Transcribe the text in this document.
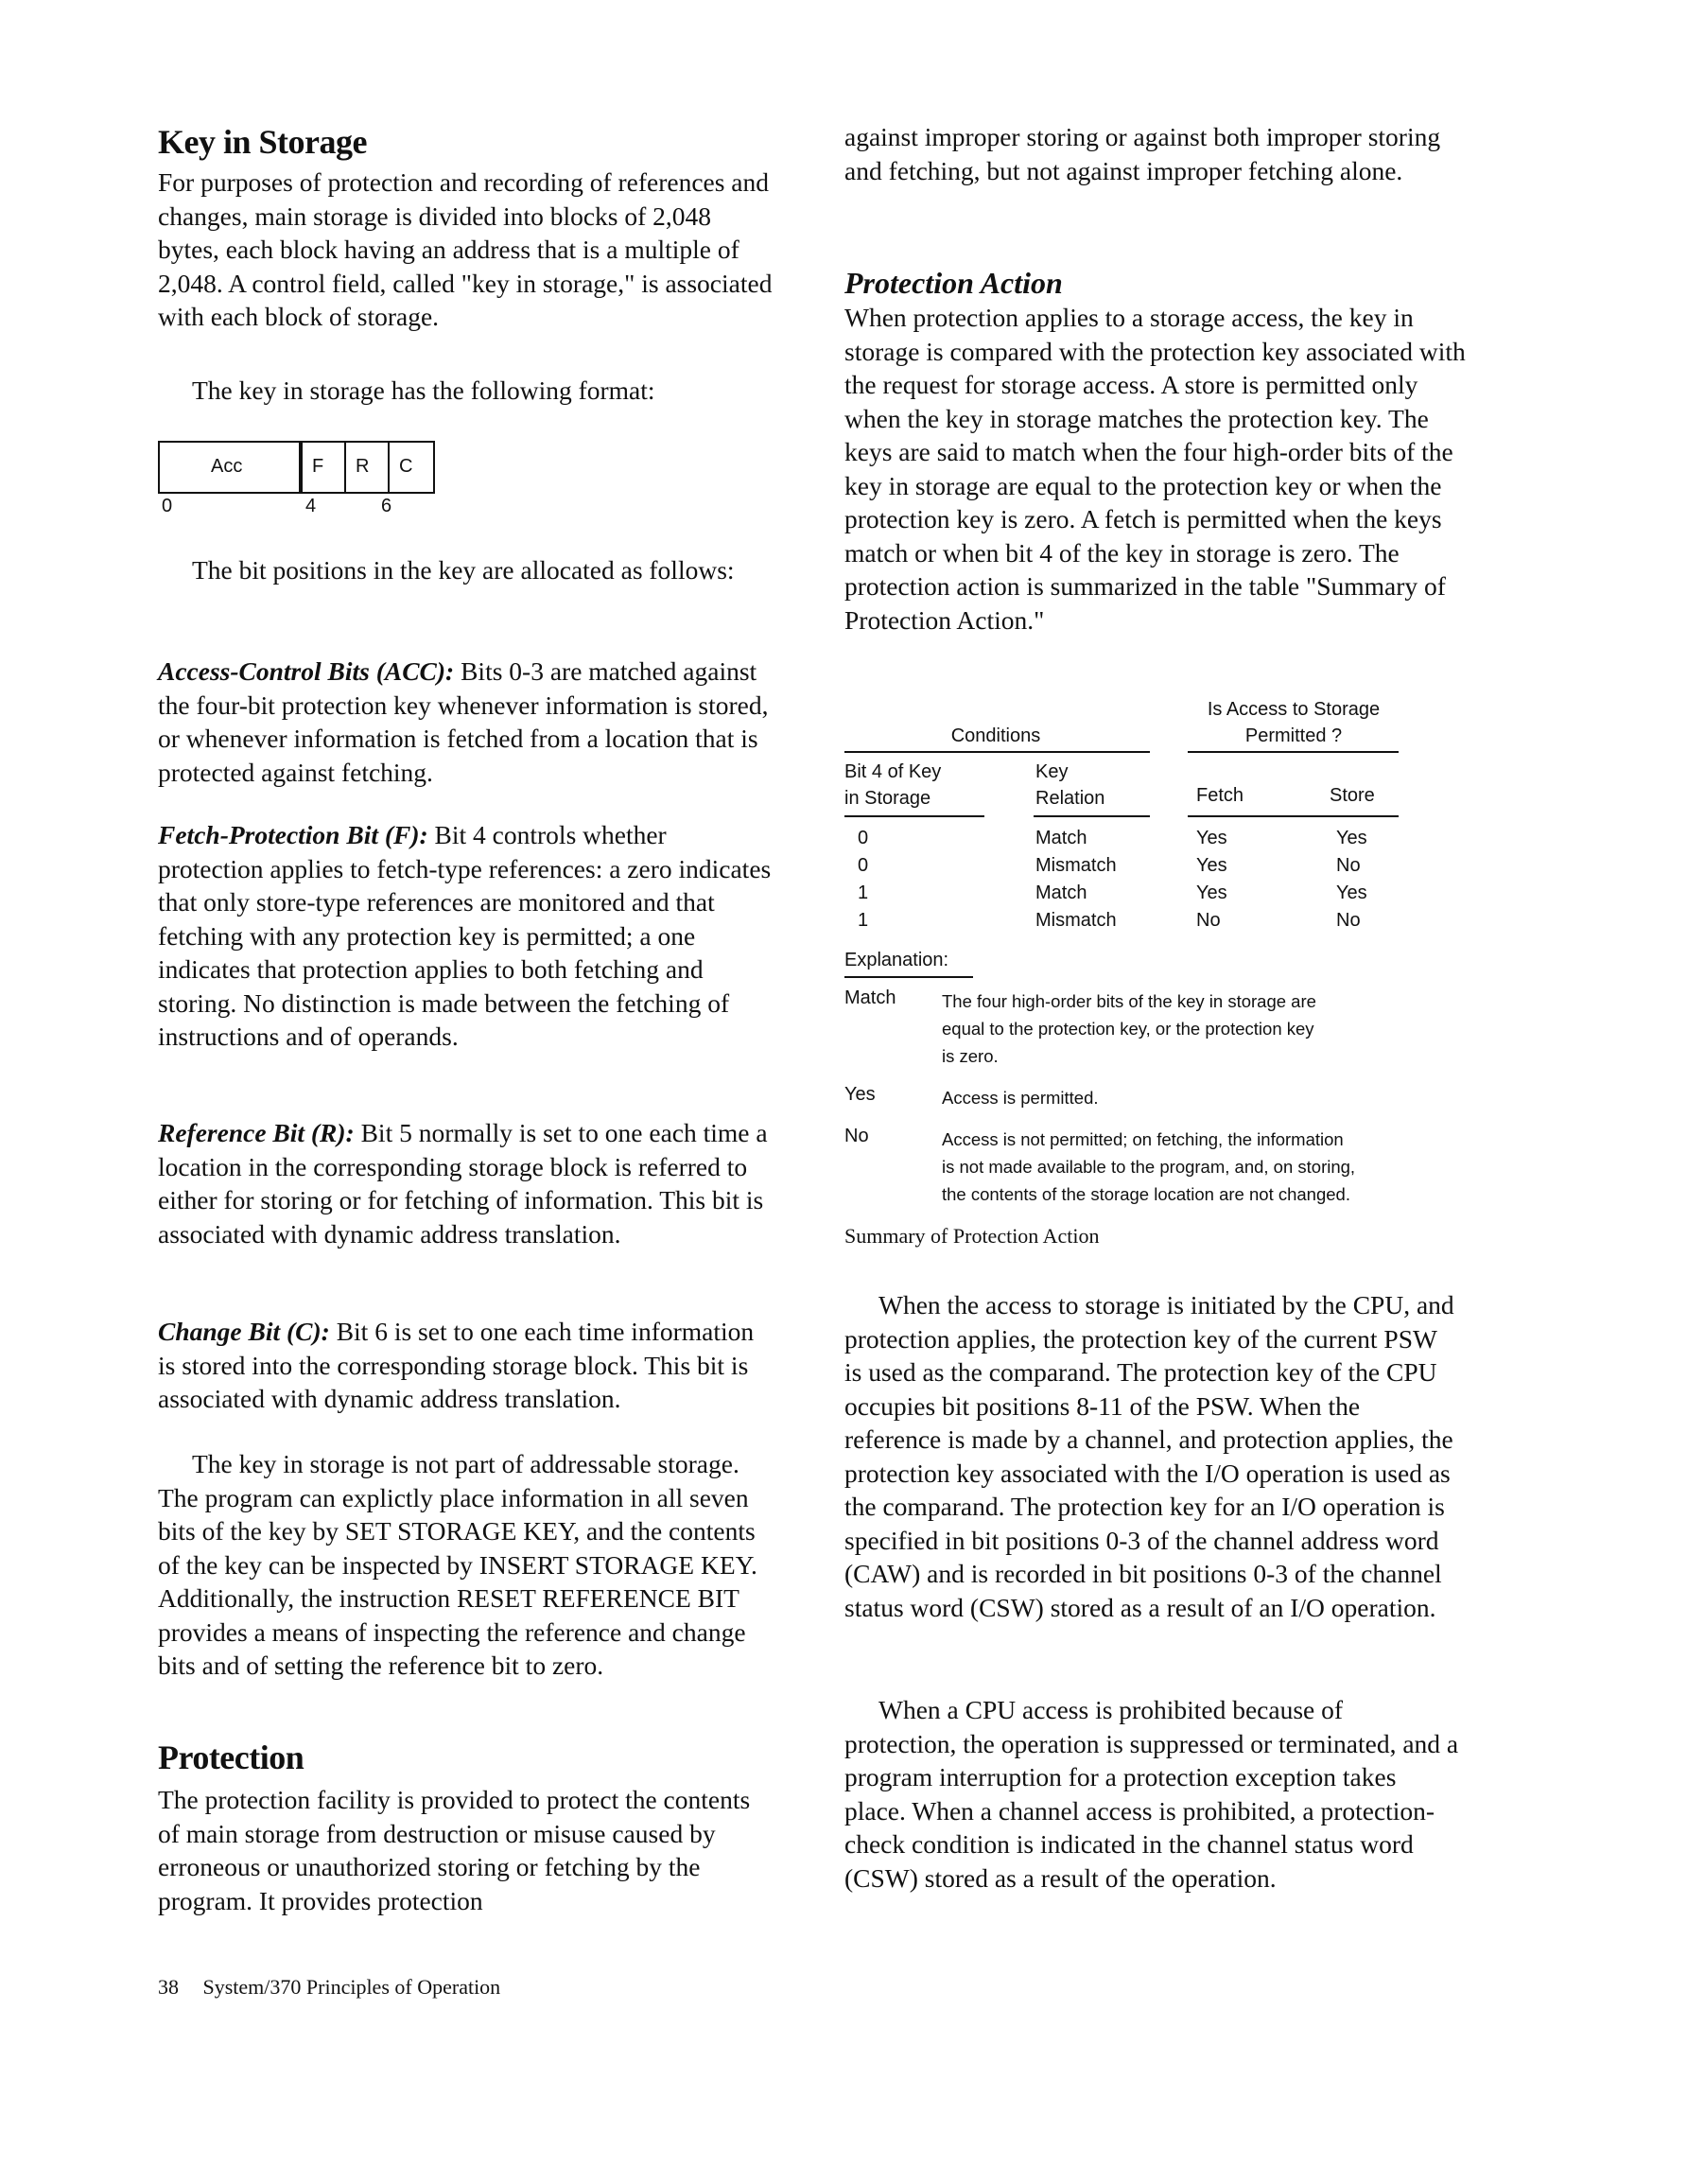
Key in Storage

For purposes of protection and recording of references and changes, main storage is divided into blocks of 2,048 bytes, each block having an address that is a multiple of 2,048. A control field, called "key in storage," is associated with each block of storage.

The key in storage has the following format:

Acc	F R C
0	4	6

The bit positions in the key are allocated as follows:

Access-Control Bits (ACC): Bits 0-3 are matched against the four-bit protection key whenever information is stored, or whenever information is fetched from a location that is protected against fetching.

Fetch-Protection Bit (F): Bit 4 controls whether protection applies to fetch-type references: a zero indicates that only store-type references are monitored and that fetching with any protection key is permitted; a one indicates that protection applies to both fetching and storing. No distinction is made between the fetching of instructions and of operands.

Reference Bit (R): Bit 5 normally is set to one each time a location in the corresponding storage block is referred to either for storing or for fetching of information. This bit is associated with dynamic address translation.

Change Bit (C): Bit 6 is set to one each time information is stored into the corresponding storage block. This bit is associated with dynamic address translation.

The key in storage is not part of addressable storage. The program can explictly place information in all seven bits of the key by SET STORAGE KEY, and the contents of the key can be inspected by INSERT STORAGE KEY. Additionally, the instruction RESET REFERENCE BIT provides a means of inspecting the reference and change bits and of setting the reference bit to zero.

Protection

The protection facility is provided to protect the contents of main storage from destruction or misuse caused by erroneous or unauthorized storing or fetching by the program. It provides protection

38 System/370 Principles of Operation

against improper storing or against both improper storing and fetching, but not against improper fetching alone.

Protection Action

When protection applies to a storage access, the key in storage is compared with the protection key associated with the request for storage access. A store is permitted only when the key in storage matches the protection key. The keys are said to match when the four high-order bits of the key in storage are equal to the protection key or when the protection key is zero. A fetch is permitted when the keys match or when bit 4 of the key in storage is zero. The protection action is summarized in the table "Summary of Protection Action."

Is Access to Storage
Permitted ?
Conditions
Bit 4 of Key
in Storage
Key
Relation	Fetch	Store
0	Match	Yes	Yes
0	Mismatch	Yes	No
1	Match	Yes	Yes
1	Mismatch	No	No
Explanation:
Match	The four high-order bits of the key in storage are
equal to the protection key, or the protection key
is zero.
Yes	Access is permitted.
No	Access is not permitted; on fetching, the information
is not made available to the program, and, on storing,
the contents of the storage location are not changed.
Summary of Protection Action

When the access to storage is initiated by the CPU, and protection applies, the protection key of the current PSW is used as the comparand. The protection key of the CPU occupies bit positions 8-11 of the PSW. When the reference is made by a channel, and protection applies, the protection key associated with the I/O operation is used as the comparand. The protection key for an I/O operation is specified in bit positions 0-3 of the channel address word (CAW) and is recorded in bit positions 0-3 of the channel status word (CSW) stored as a result of an I/O operation.

When a CPU access is prohibited because of protection, the operation is suppressed or terminated, and a program interruption for a protection exception takes place. When a channel access is prohibited, a protection-check condition is indicated in the channel status word (CSW) stored as a result of the operation.
